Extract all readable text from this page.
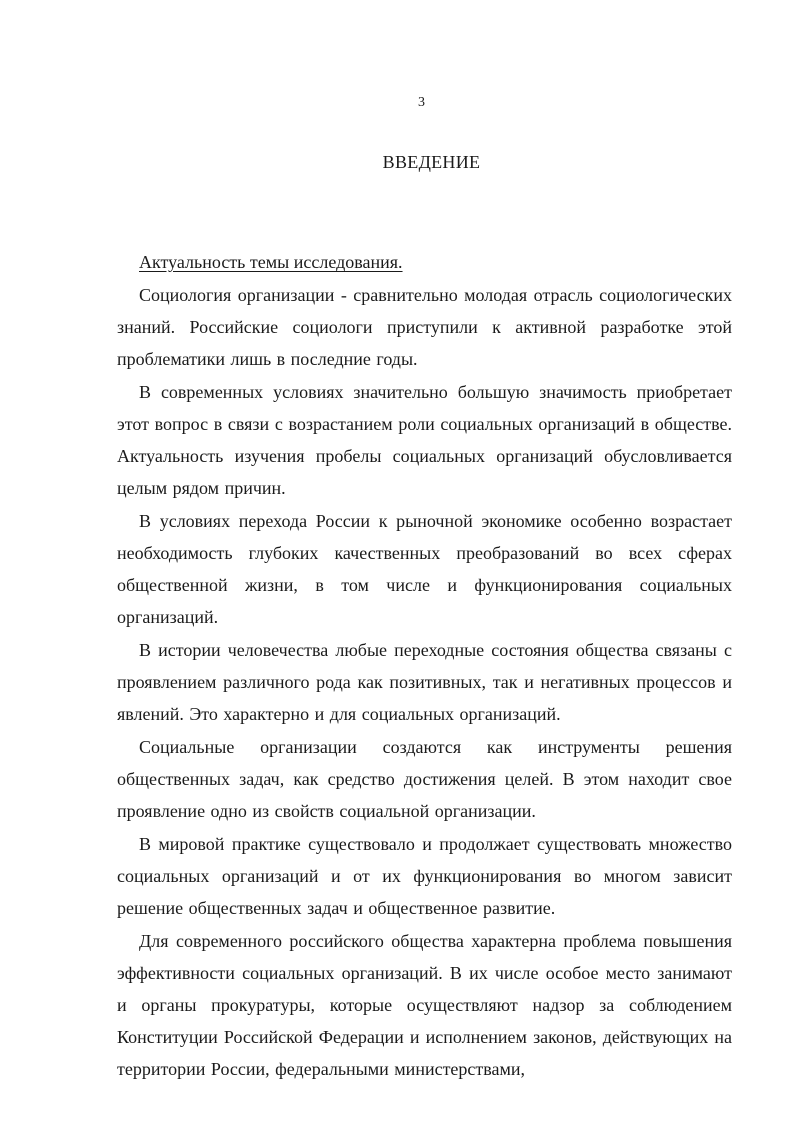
3
ВВЕДЕНИЕ

Актуальность темы исследования.

Социология организации - сравнительно молодая отрасль социологических знаний. Российские социологи приступили к активной разработке этой проблематики лишь в последние годы.

В современных условиях значительно большую значимость приобретает этот вопрос в связи с возрастанием роли социальных организаций в обществе. Актуальность изучения пробелы социальных организаций обусловливается целым рядом причин.

В условиях перехода России к рыночной экономике особенно возрастает необходимость глубоких качественных преобразований во всех сферах общественной жизни, в том числе и функционирования социальных организаций.

В истории человечества любые переходные состояния общества связаны с проявлением различного рода как позитивных, так и негативных процессов и явлений. Это характерно и для социальных организаций.

Социальные организации создаются как инструменты решения общественных задач, как средство достижения целей. В этом находит свое проявление одно из свойств социальной организации.

В мировой практике существовало и продолжает существовать множество социальных организаций и от их функционирования во многом зависит решение общественных задач и общественное развитие.

Для современного российского общества характерна проблема повышения эффективности социальных организаций. В их числе особое место занимают и органы прокуратуры, которые осуществляют надзор за соблюдением Конституции Российской Федерации и исполнением законов, действующих на территории России, федеральными министерствами,
